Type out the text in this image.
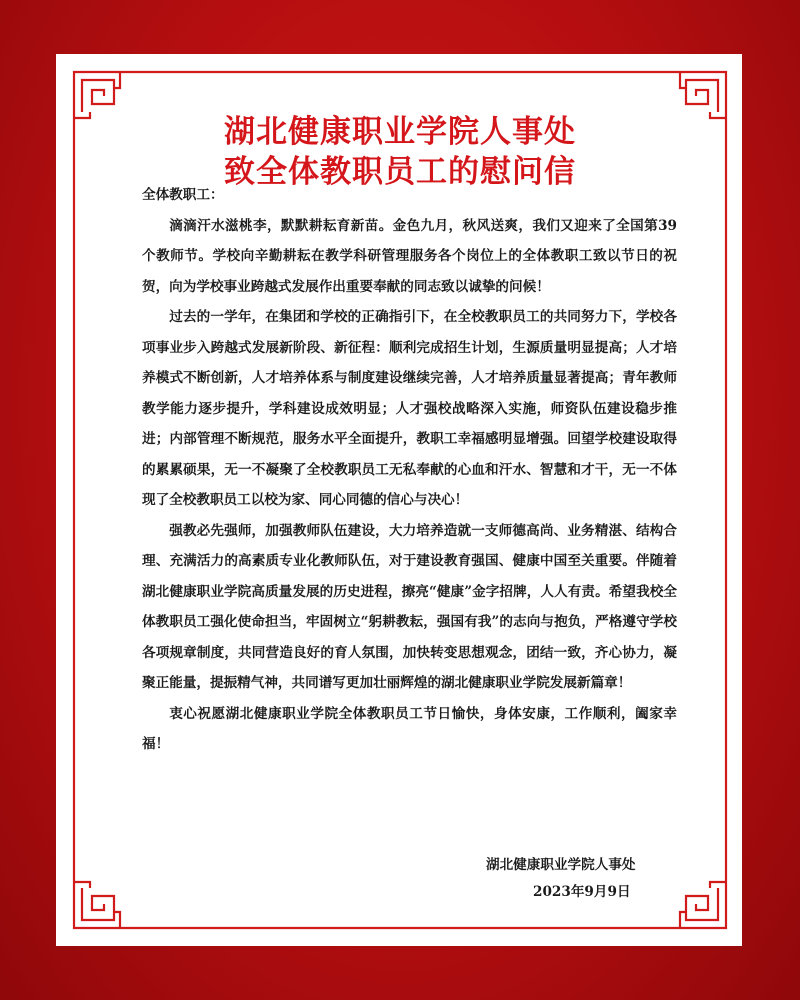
湖北健康职业学院人事处
致全体教职员工的慰问信

全体教职工：

滴滴汗水滋桃李，默默耕耘育新苗。金色九月，秋风送爽，我们又迎来了全国第39个教师节。学校向辛勤耕耘在教学科研管理服务各个岗位上的全体教职工致以节日的祝贺，向为学校事业跨越式发展作出重要奉献的同志致以诚挚的问候！

过去的一学年，在集团和学校的正确指引下，在全校教职员工的共同努力下，学校各项事业步入跨越式发展新阶段、新征程：顺利完成招生计划，生源质量明显提高；人才培养模式不断创新，人才培养体系与制度建设继续完善，人才培养质量显著提高；青年教师教学能力逐步提升，学科建设成效明显；人才强校战略深入实施，师资队伍建设稳步推进；内部管理不断规范，服务水平全面提升，教职工幸福感明显增强。回望学校建设取得的累累硕果，无一不凝聚了全校教职员工无私奉献的心血和汗水、智慧和才干，无一不体现了全校教职员工以校为家、同心同德的信心与决心！

强教必先强师，加强教师队伍建设，大力培养造就一支师德高尚、业务精湛、结构合理、充满活力的高素质专业化教师队伍，对于建设教育强国、健康中国至关重要。伴随着湖北健康职业学院高质量发展的历史进程，擦亮“健康”金字招牌，人人有责。希望我校全体教职员工强化使命担当，牢固树立“躬耕教耘，强国有我”的志向与抱负，严格遵守学校各项规章制度，共同营造良好的育人氛围，加快转变思想观念，团结一致，齐心协力，凝聚正能量，提振精气神，共同谱写更加壮丽辉煌的湖北健康职业学院发展新篇章！

衷心祝愿湖北健康职业学院全体教职员工节日愉快，身体安康，工作顺利，阖家幸福！

湖北健康职业学院人事处
2023年9月9日
